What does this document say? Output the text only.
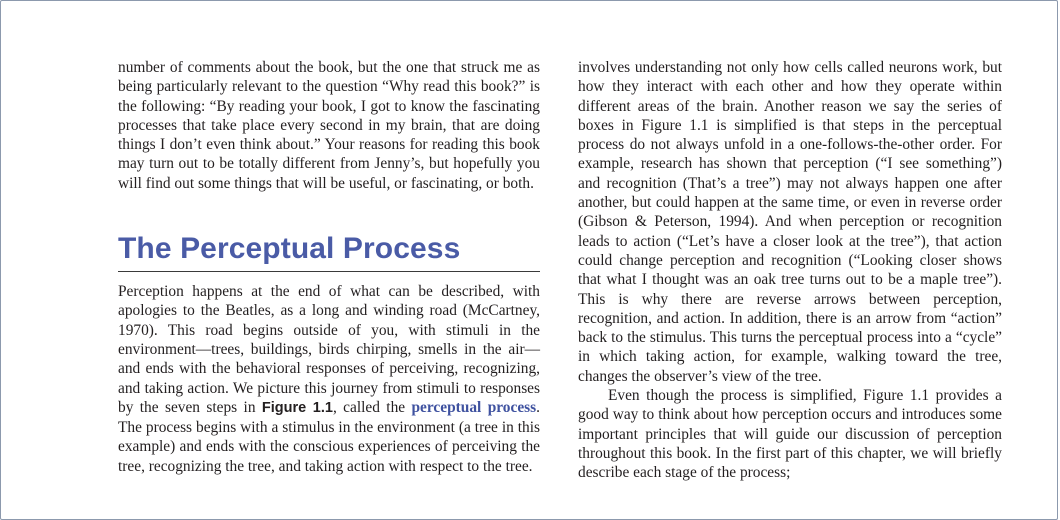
number of comments about the book, but the one that struck me as being particularly relevant to the question “Why read this book?” is the following: “By reading your book, I got to know the fascinating processes that take place every second in my brain, that are doing things I don’t even think about.” Your reasons for reading this book may turn out to be totally different from Jenny’s, but hopefully you will find out some things that will be useful, or fascinating, or both.

The Perceptual Process

Perception happens at the end of what can be described, with apologies to the Beatles, as a long and winding road (McCartney, 1970). This road begins outside of you, with stimuli in the environment—trees, buildings, birds chirping, smells in the air—and ends with the behavioral responses of perceiving, recognizing, and taking action. We picture this journey from stimuli to responses by the seven steps in Figure 1.1, called the perceptual process. The process begins with a stimulus in the environment (a tree in this example) and ends with the conscious experiences of perceiving the tree, recognizing the tree, and taking action with respect to the tree.

involves understanding not only how cells called neurons work, but how they interact with each other and how they operate within different areas of the brain. Another reason we say the series of boxes in Figure 1.1 is simplified is that steps in the perceptual process do not always unfold in a one-follows-the-other order. For example, research has shown that perception (“I see something”) and recognition (That’s a tree”) may not always happen one after another, but could happen at the same time, or even in reverse order (Gibson & Peterson, 1994). And when perception or recognition leads to action (“Let’s have a closer look at the tree”), that action could change perception and recognition (“Looking closer shows that what I thought was an oak tree turns out to be a maple tree”). This is why there are reverse arrows between perception, recognition, and action. In addition, there is an arrow from “action” back to the stimulus. This turns the perceptual process into a “cycle” in which taking action, for example, walking toward the tree, changes the observer’s view of the tree.

Even though the process is simplified, Figure 1.1 provides a good way to think about how perception occurs and introduces some important principles that will guide our discussion of perception throughout this book. In the first part of this chapter, we will briefly describe each stage of the process;
